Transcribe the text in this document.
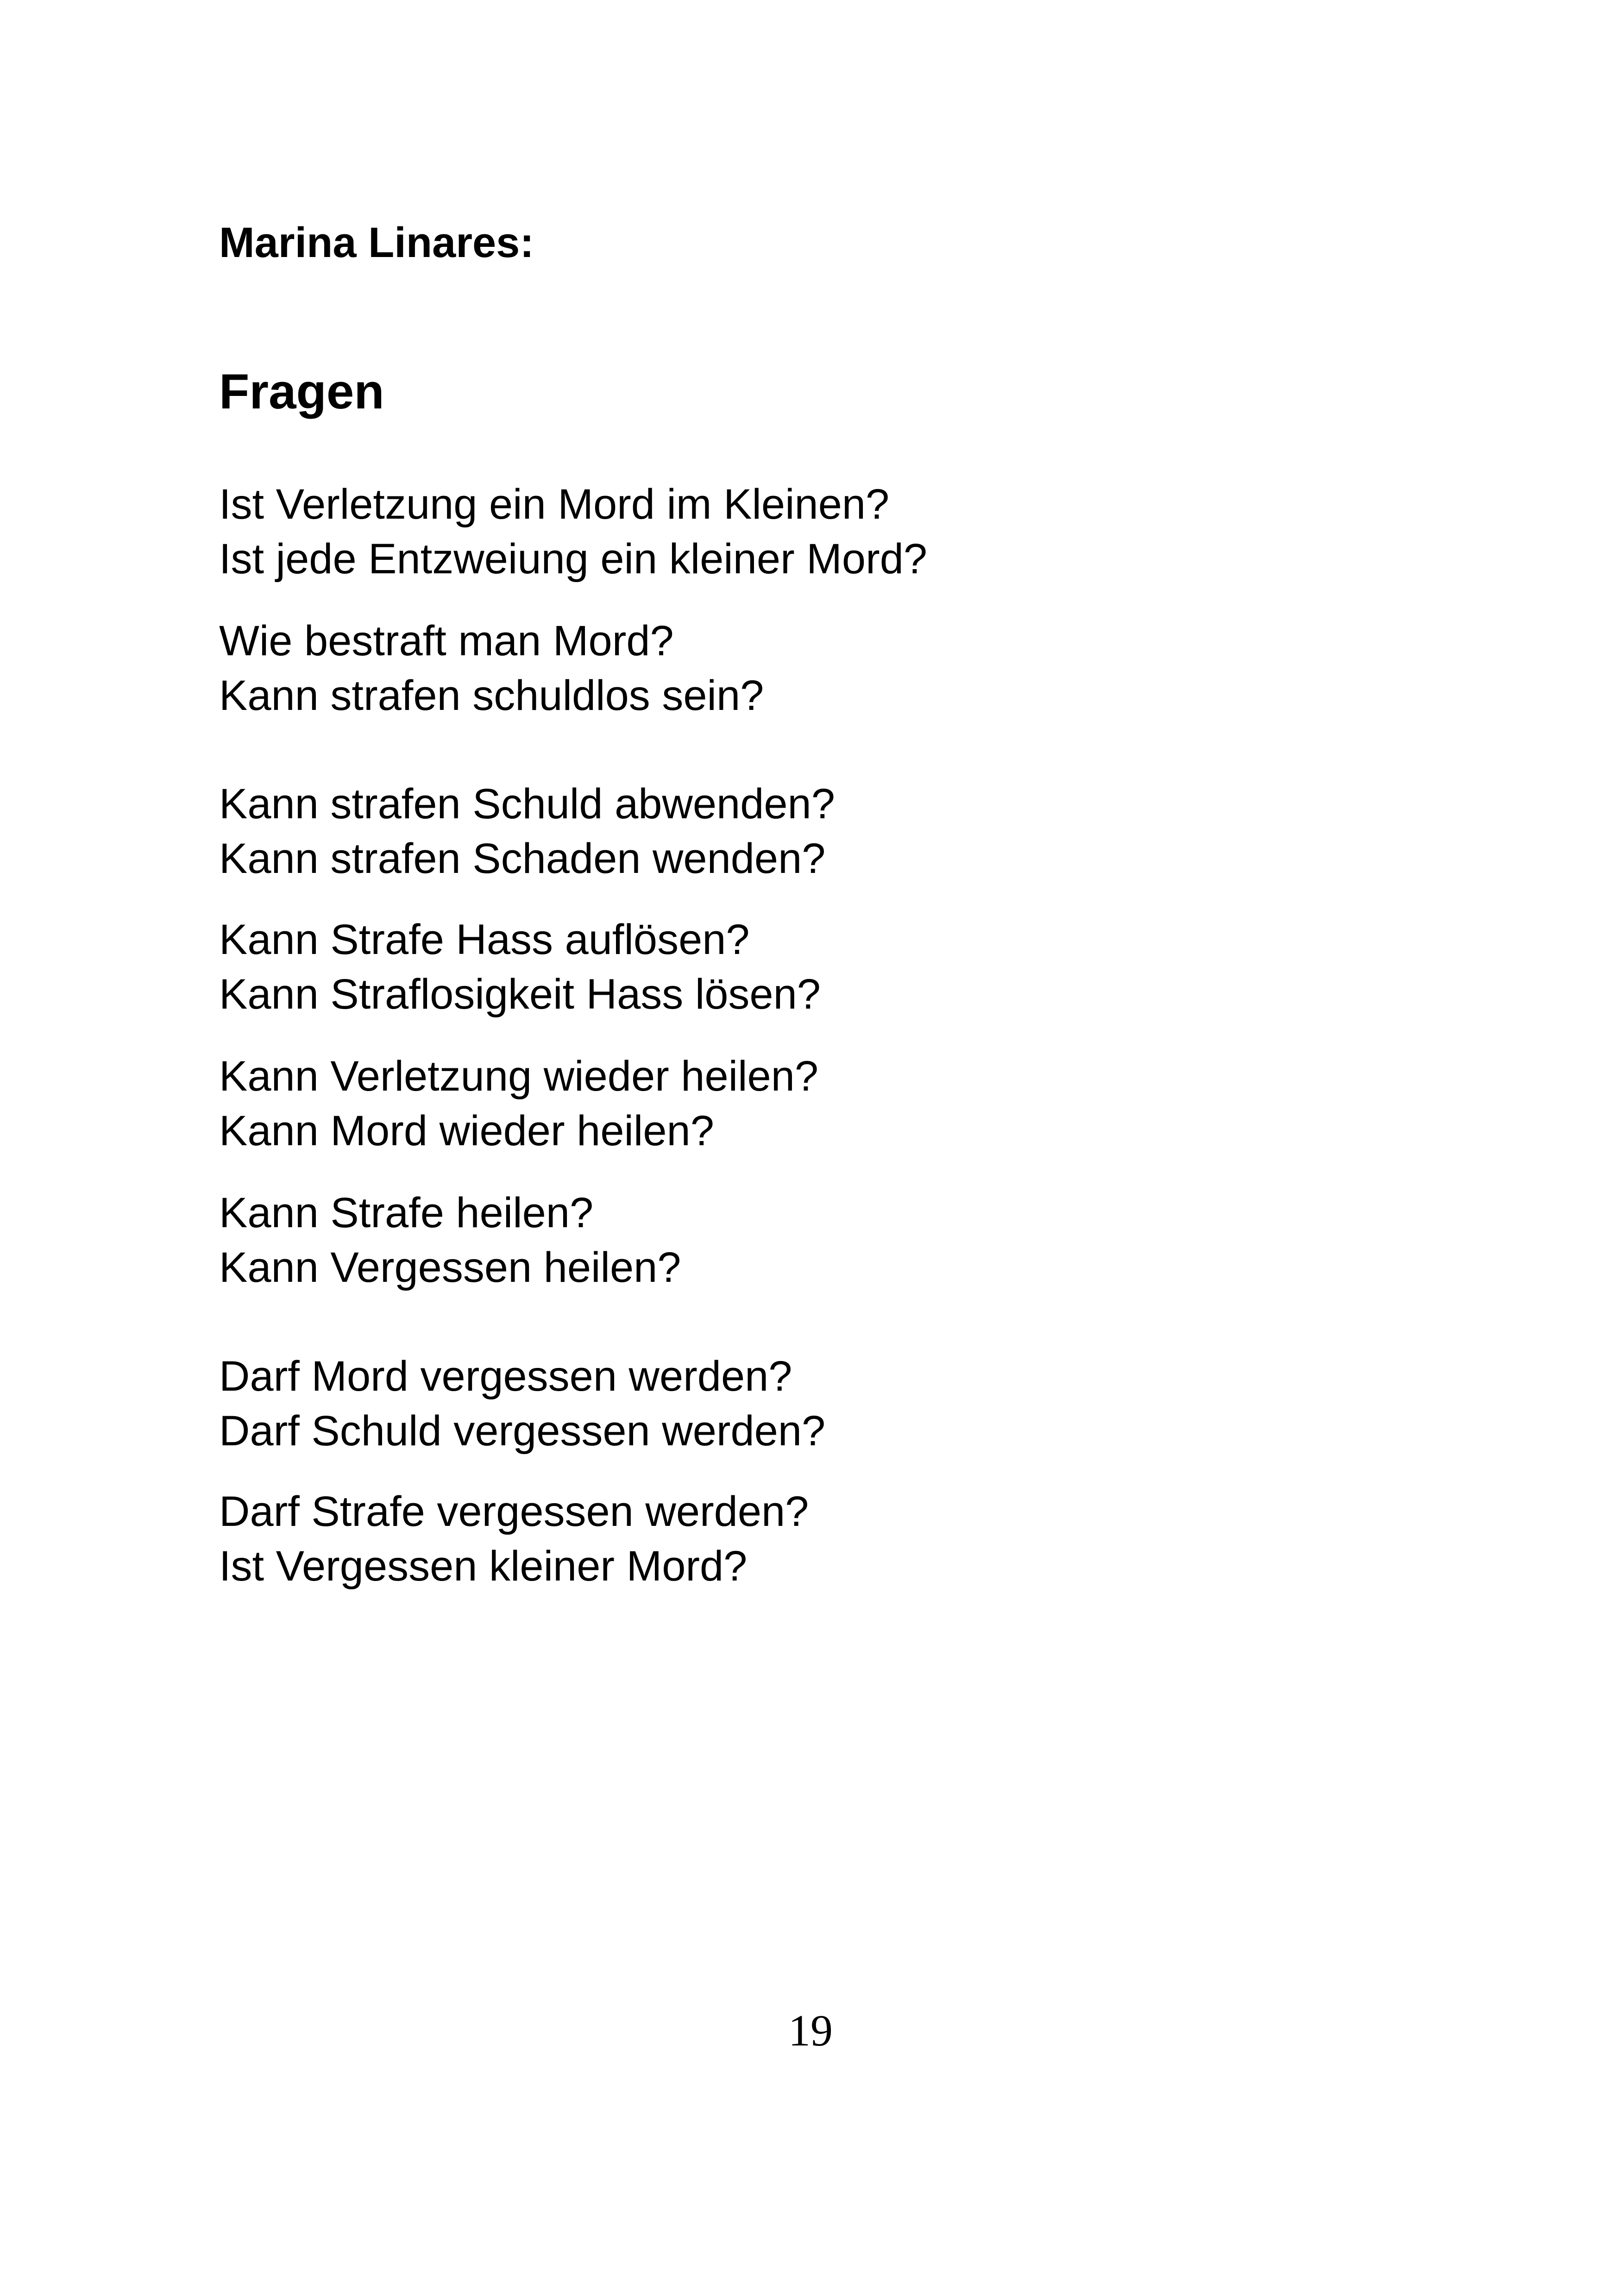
Marina Linares:
Fragen

Ist Verletzung ein Mord im Kleinen?
Ist jede Entzweiung ein kleiner Mord?

Wie bestraft man Mord?
Kann strafen schuldlos sein?

Kann strafen Schuld abwenden?
Kann strafen Schaden wenden?

Kann Strafe Hass auflösen?
Kann Straflosigkeit Hass lösen?

Kann Verletzung wieder heilen?
Kann Mord wieder heilen?

Kann Strafe heilen?
Kann Vergessen heilen?

Darf Mord vergessen werden?
Darf Schuld vergessen werden?

Darf Strafe vergessen werden?
Ist Vergessen kleiner Mord?

19
